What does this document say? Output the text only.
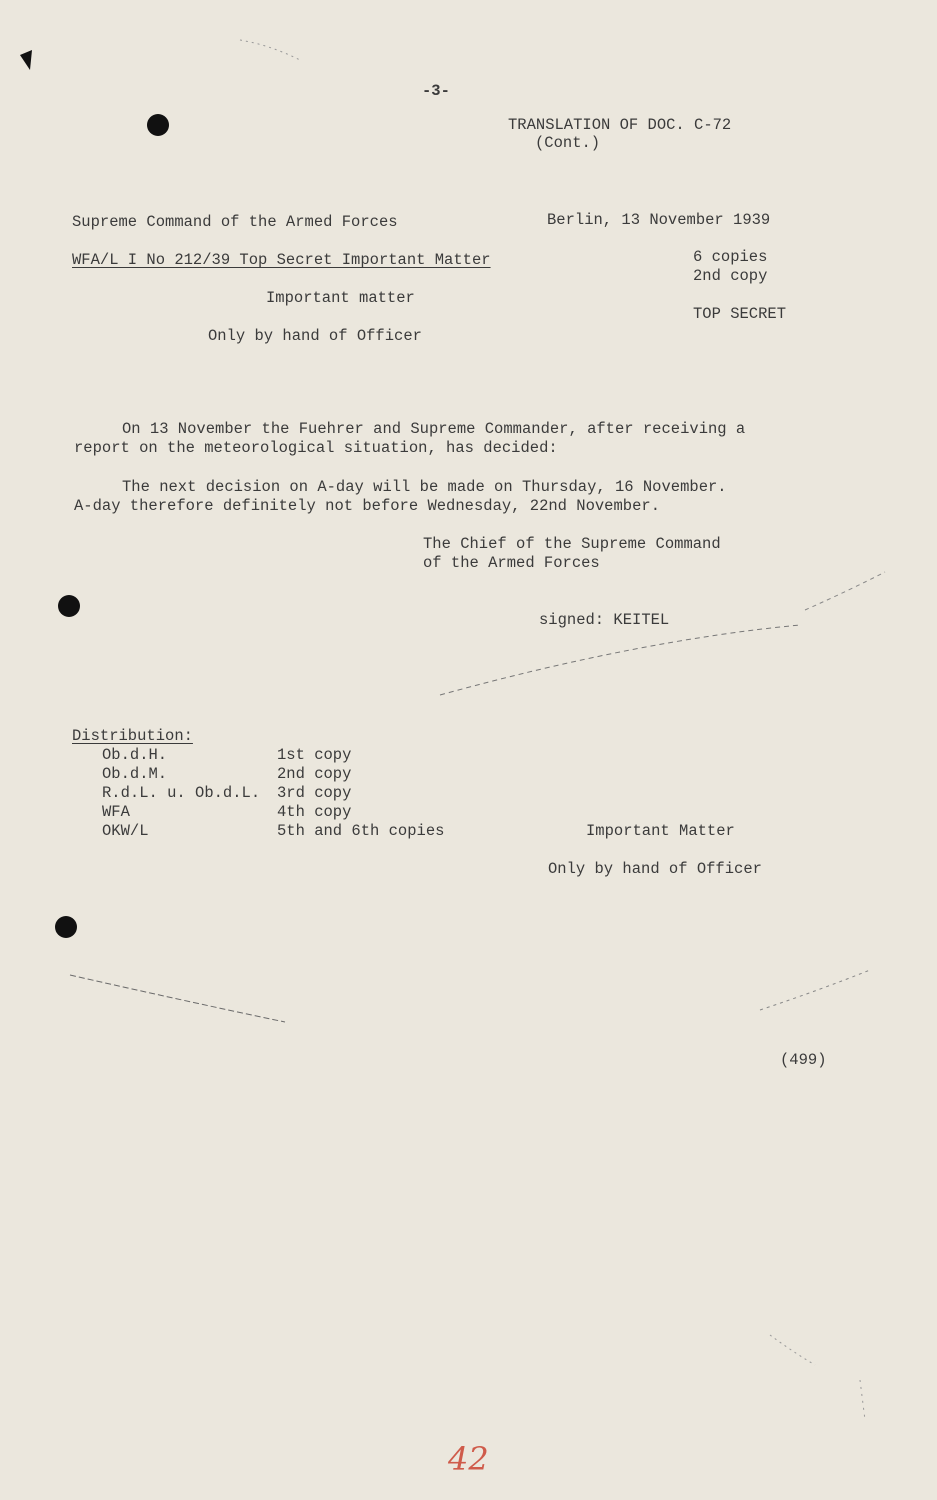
-3-
TRANSLATION OF DOC. C-72
(Cont.)
Supreme Command of the Armed Forces	Berlin, 13 November 1939
WFA/L I No 212/39 Top Secret Important Matter	6 copies
2nd copy
Important matter
TOP SECRET
Only by hand of Officer
On 13 November the Fuehrer and Supreme Commander, after receiving a
report on the meteorological situation, has decided:
The next decision on A-day will be made on Thursday, 16 November.
A-day therefore definitely not before Wednesday, 22nd November.
The Chief of the Supreme Command
of the Armed Forces
signed: KEITEL
Distribution:
Ob.d.H.	1st copy
Ob.d.M.	2nd copy
R.d.L. u. Ob.d.L. 3rd copy
WFA	4th copy
OKW/L	5th and 6th copies	Important Matter
Only by hand of Officer
(499)
42
